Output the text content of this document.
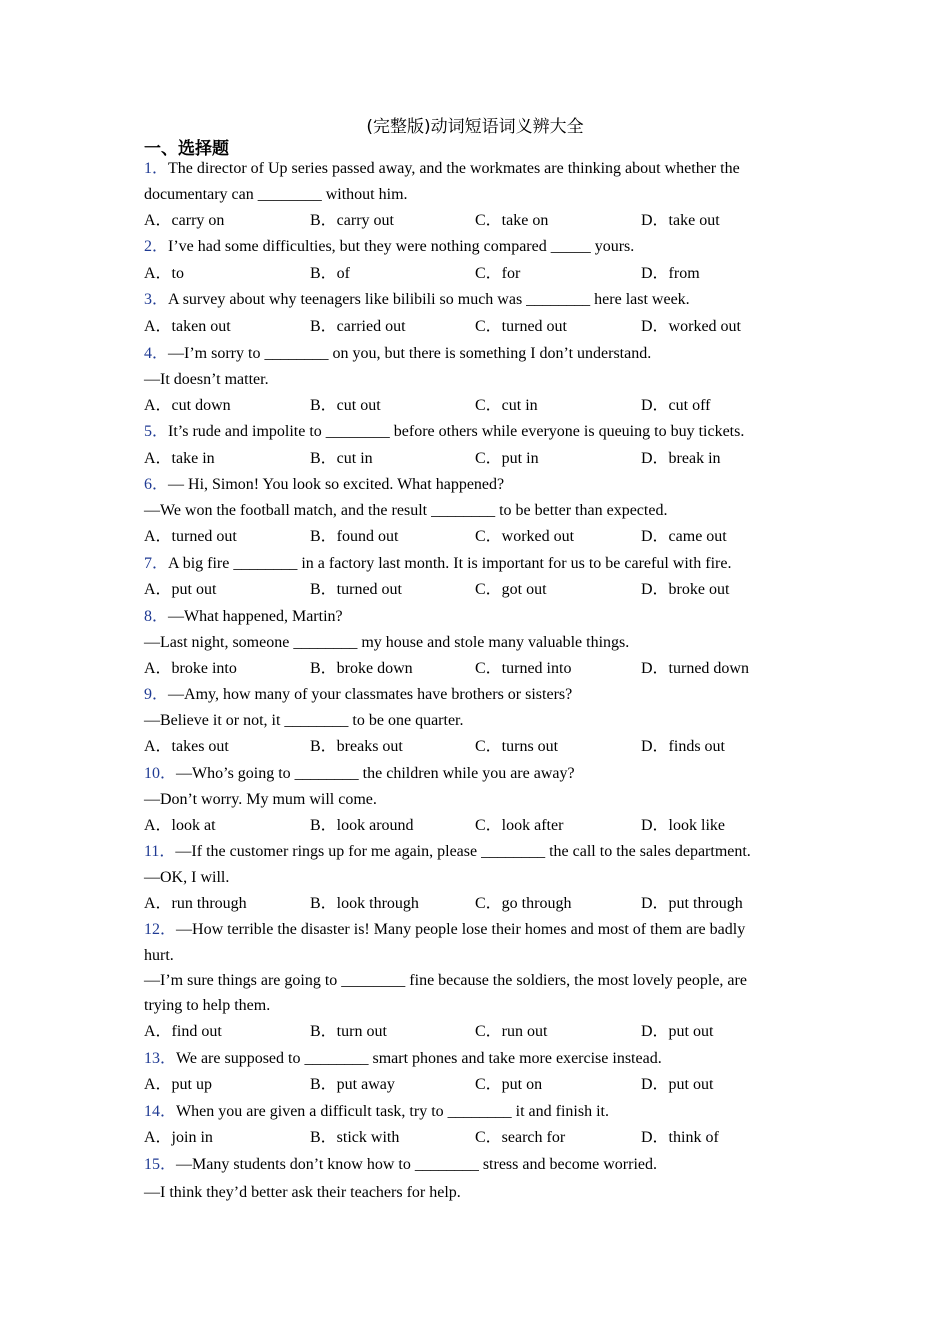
(完整版)动词短语词义辨大全
一、选择题
1．The director of Up series passed away, and the workmates are thinking about whether the
documentary can ________ without him.
A．carry on	B．carry out	C．take on	D．take out
2．I’ve had some difficulties, but they were nothing compared _____ yours.
A．to	B．of	C．for	D．from
3．A survey about why teenagers like bilibili so much was ________ here last week.
A．taken out	B．carried out	C．turned out	D．worked out
4．—I’m sorry to ________ on you, but there is something I don’t understand.
—It doesn’t matter.
A．cut down	B．cut out	C．cut in	D．cut off
5．It’s rude and impolite to ________ before others while everyone is queuing to buy tickets.
A．take in	B．cut in	C．put in	D．break in
6．— Hi, Simon! You look so excited. What happened?
—We won the football match, and the result ________ to be better than expected.
A．turned out	B．found out	C．worked out	D．came out
7．A big fire ________ in a factory last month. It is important for us to be careful with fire.
A．put out	B．turned out	C．got out	D．broke out
8．—What happened, Martin?
—Last night, someone ________ my house and stole many valuable things.
A．broke into	B．broke down	C．turned into	D．turned down
9．—Amy, how many of your classmates have brothers or sisters?
—Believe it or not, it ________ to be one quarter.
A．takes out	B．breaks out	C．turns out	D．finds out
10．—Who’s going to ________ the children while you are away?
—Don’t worry. My mum will come.
A．look at	B．look around	C．look after	D．look like
11．—If the customer rings up for me again, please ________ the call to the sales department.
—OK, I will.
A．run through	B．look through	C．go through	D．put through
12．—How terrible the disaster is! Many people lose their homes and most of them are badly
hurt.
—I’m sure things are going to ________ fine because the soldiers, the most lovely people, are
trying to help them.
A．find out	B．turn out	C．run out	D．put out
13．We are supposed to ________ smart phones and take more exercise instead.
A．put up	B．put away	C．put on	D．put out
14．When you are given a difficult task, try to ________ it and finish it.
A．join in	B．stick with	C．search for	D．think of
15．—Many students don’t know how to ________ stress and become worried.
—I think they’d better ask their teachers for help.
